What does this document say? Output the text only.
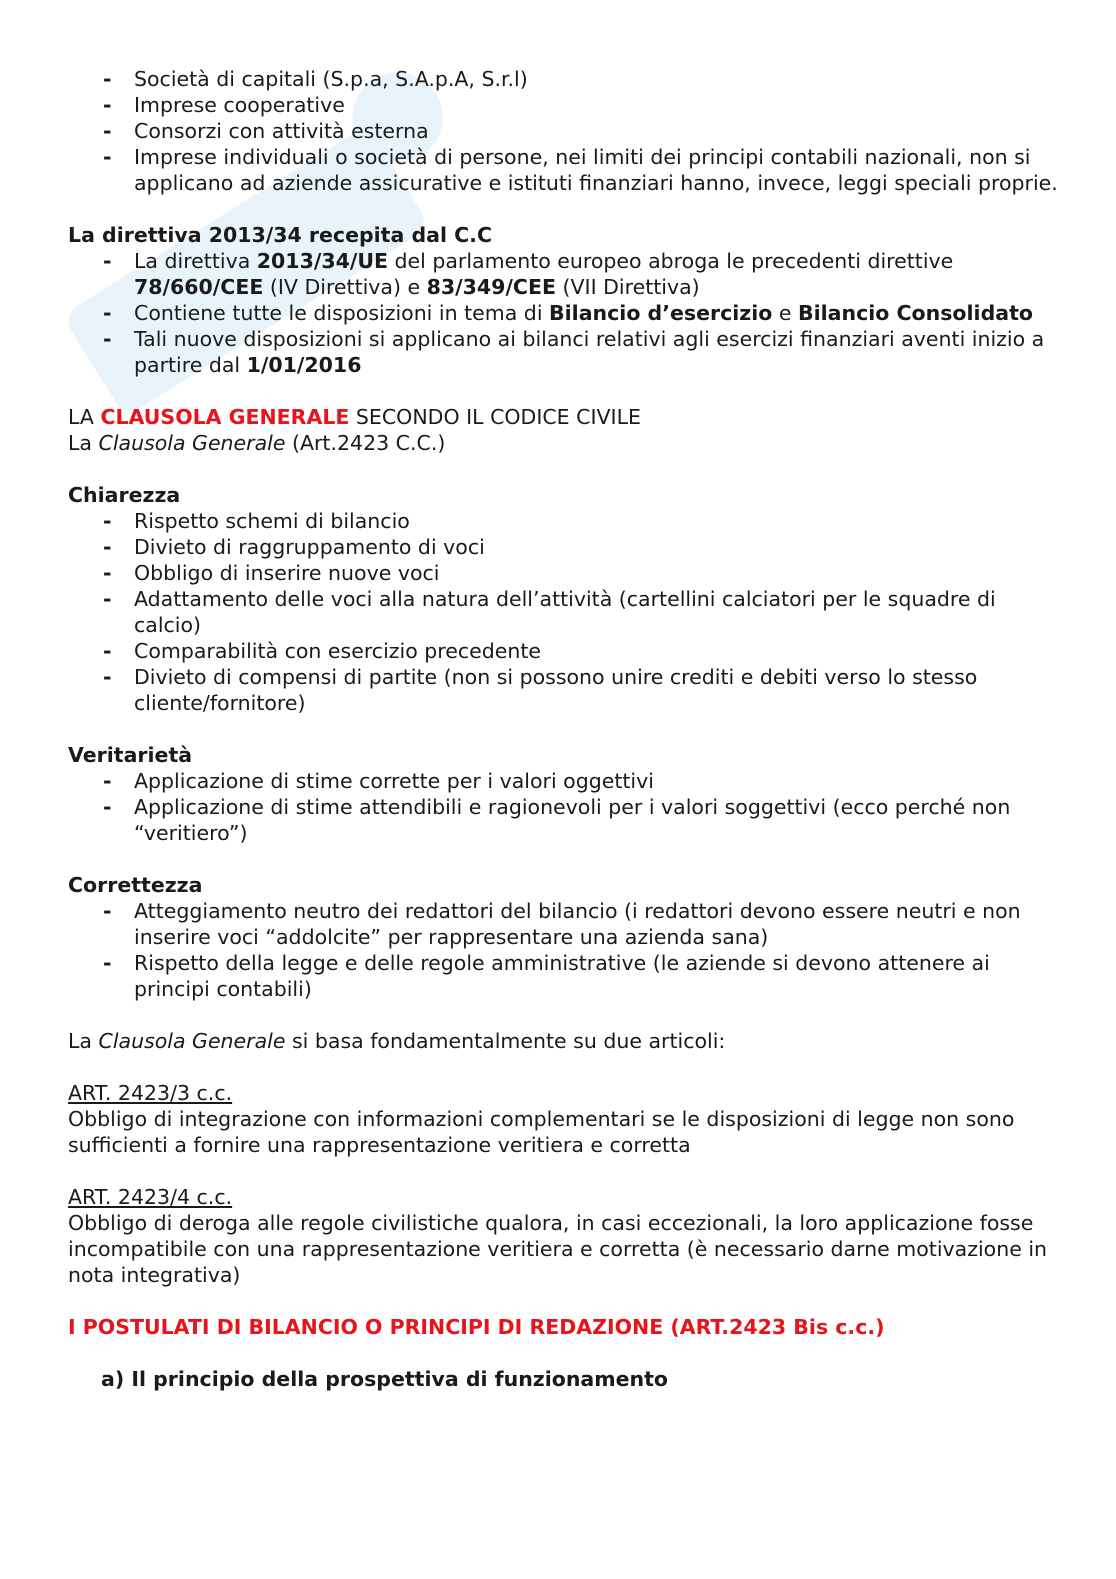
- Società di capitali (S.p.a, S.A.p.A, S.r.l)
- Imprese cooperative
- Consorzi con attività esterna
- Imprese individuali o società di persone, nei limiti dei principi contabili nazionali, non si applicano ad aziende assicurative e istituti finanziari hanno, invece, leggi speciali proprie.

La direttiva 2013/34 recepita dal C.C

- La direttiva 2013/34/UE del parlamento europeo abroga le precedenti direttive 78/660/CEE (IV Direttiva) e 83/349/CEE (VII Direttiva)
- Contiene tutte le disposizioni in tema di Bilancio d’esercizio e Bilancio Consolidato
- Tali nuove disposizioni si applicano ai bilanci relativi agli esercizi finanziari aventi inizio a partire dal 1/01/2016

LA CLAUSOLA GENERALE SECONDO IL CODICE CIVILE

La Clausola Generale (Art.2423 C.C.)

Chiarezza

- Rispetto schemi di bilancio
- Divieto di raggruppamento di voci
- Obbligo di inserire nuove voci
- Adattamento delle voci alla natura dell’attività (cartellini calciatori per le squadre di calcio)
- Comparabilità con esercizio precedente
- Divieto di compensi di partite (non si possono unire crediti e debiti verso lo stesso cliente/fornitore)

Veritarietà

- Applicazione di stime corrette per i valori oggettivi
- Applicazione di stime attendibili e ragionevoli per i valori soggettivi (ecco perché non “veritiero”)

Correttezza

- Atteggiamento neutro dei redattori del bilancio (i redattori devono essere neutri e non inserire voci “addolcite” per rappresentare una azienda sana)
- Rispetto della legge e delle regole amministrative (le aziende si devono attenere ai principi contabili)

La Clausola Generale si basa fondamentalmente su due articoli:

ART. 2423/3 c.c.

Obbligo di integrazione con informazioni complementari se le disposizioni di legge non sono sufficienti a fornire una rappresentazione veritiera e corretta

ART. 2423/4 c.c.

Obbligo di deroga alle regole civilistiche qualora, in casi eccezionali, la loro applicazione fosse incompatibile con una rappresentazione veritiera e corretta (è necessario darne motivazione in nota integrativa)

I POSTULATI DI BILANCIO O PRINCIPI DI REDAZIONE (ART.2423 Bis c.c.)

a) Il principio della prospettiva di funzionamento
